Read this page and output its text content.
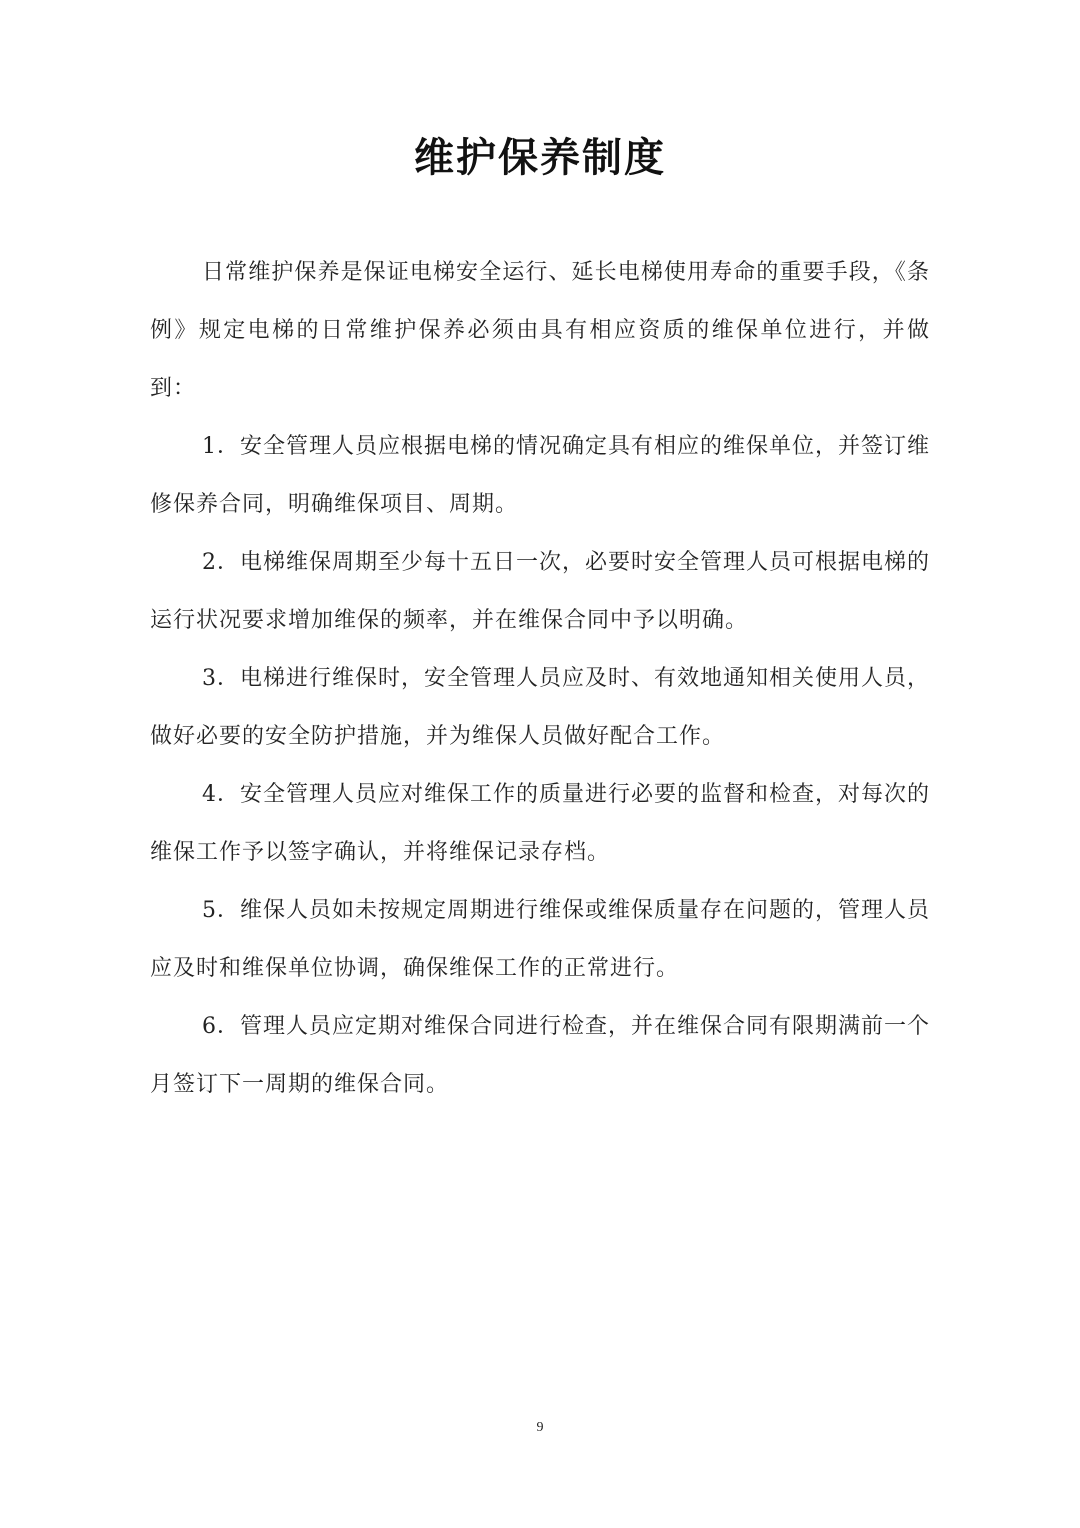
维护保养制度

日常维护保养是保证电梯安全运行、延长电梯使用寿命的重要手段，《条例》规定电梯的日常维护保养必须由具有相应资质的维保单位进行，并做到：

1．安全管理人员应根据电梯的情况确定具有相应的维保单位，并签订维修保养合同，明确维保项目、周期。

2．电梯维保周期至少每十五日一次，必要时安全管理人员可根据电梯的运行状况要求增加维保的频率，并在维保合同中予以明确。

3．电梯进行维保时，安全管理人员应及时、有效地通知相关使用人员，做好必要的安全防护措施，并为维保人员做好配合工作。

4．安全管理人员应对维保工作的质量进行必要的监督和检查，对每次的维保工作予以签字确认，并将维保记录存档。

5．维保人员如未按规定周期进行维保或维保质量存在问题的，管理人员应及时和维保单位协调，确保维保工作的正常进行。

6．管理人员应定期对维保合同进行检查，并在维保合同有限期满前一个月签订下一周期的维保合同。

9
